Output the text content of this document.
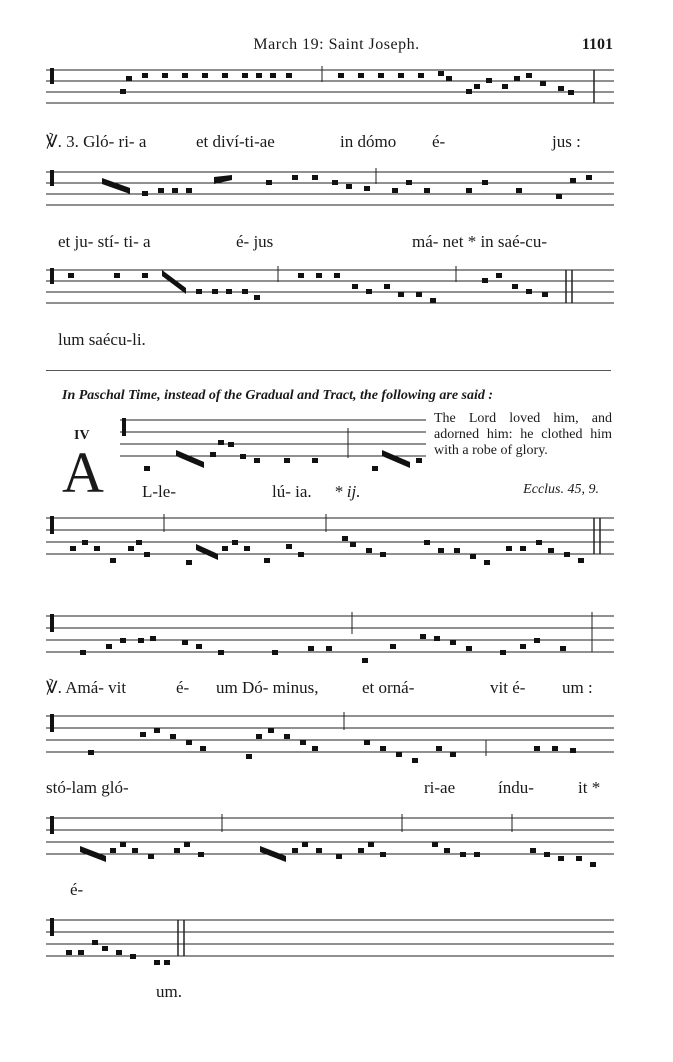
March 19: Saint Joseph.	1101
℣. 3. Gló- ri- a	et diví-ti-ae	in dómo é-	jus :
et ju- stí- ti- a	é- jus	má- net * in saé-cu-
lum saécu-li.
In Paschal Time, instead of the Gradual and Tract, the following are said :
IV
A L-le-	lú- ia. * ij.
The Lord loved him, and adorned him: he clothed him with a robe of glory.
Ecclus. 45, 9.
℣. Amá- vit	é- um Dó- minus,	et orná-	vit é- um :
stó-lam gló-	ri-ae	índu-	it *
é-
um.
